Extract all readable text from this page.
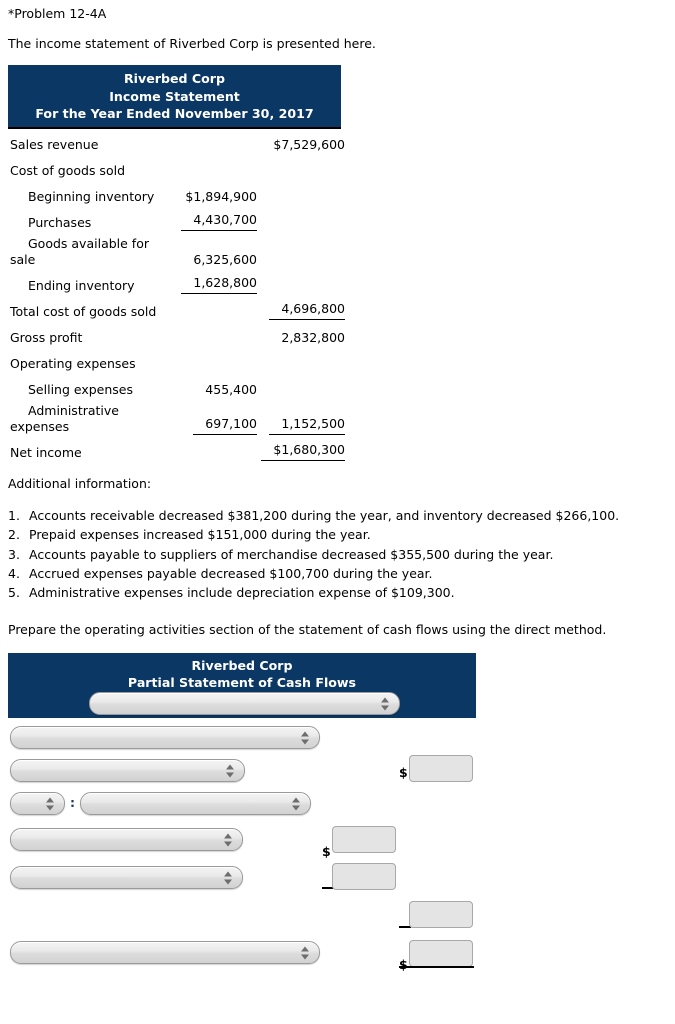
*Problem 12-4A
The income statement of Riverbed Corp is presented here.
Riverbed Corp
Income Statement
For the Year Ended November 30, 2017
Sales revenue		$7,529,600
Cost of goods sold		
Beginning inventory	$1,894,900	
Purchases	4,430,700	
Goods available for sale	6,325,600	
Ending inventory	1,628,800	
Total cost of goods sold		4,696,800
Gross profit		2,832,800
Operating expenses		
Selling expenses	455,400	
Administrative expenses	697,100	1,152,500
Net income		$1,680,300
Additional information:
1. Accounts receivable decreased $381,200 during the year, and inventory decreased $266,100.
2. Prepaid expenses increased $151,000 during the year.
3. Accounts payable to suppliers of merchandise decreased $355,500 during the year.
4. Accrued expenses payable decreased $100,700 during the year.
5. Administrative expenses include depreciation expense of $109,300.
Prepare the operating activities section of the statement of cash flows using the direct method.
Riverbed Corp
Partial Statement of Cash Flows
:
$
$
$
